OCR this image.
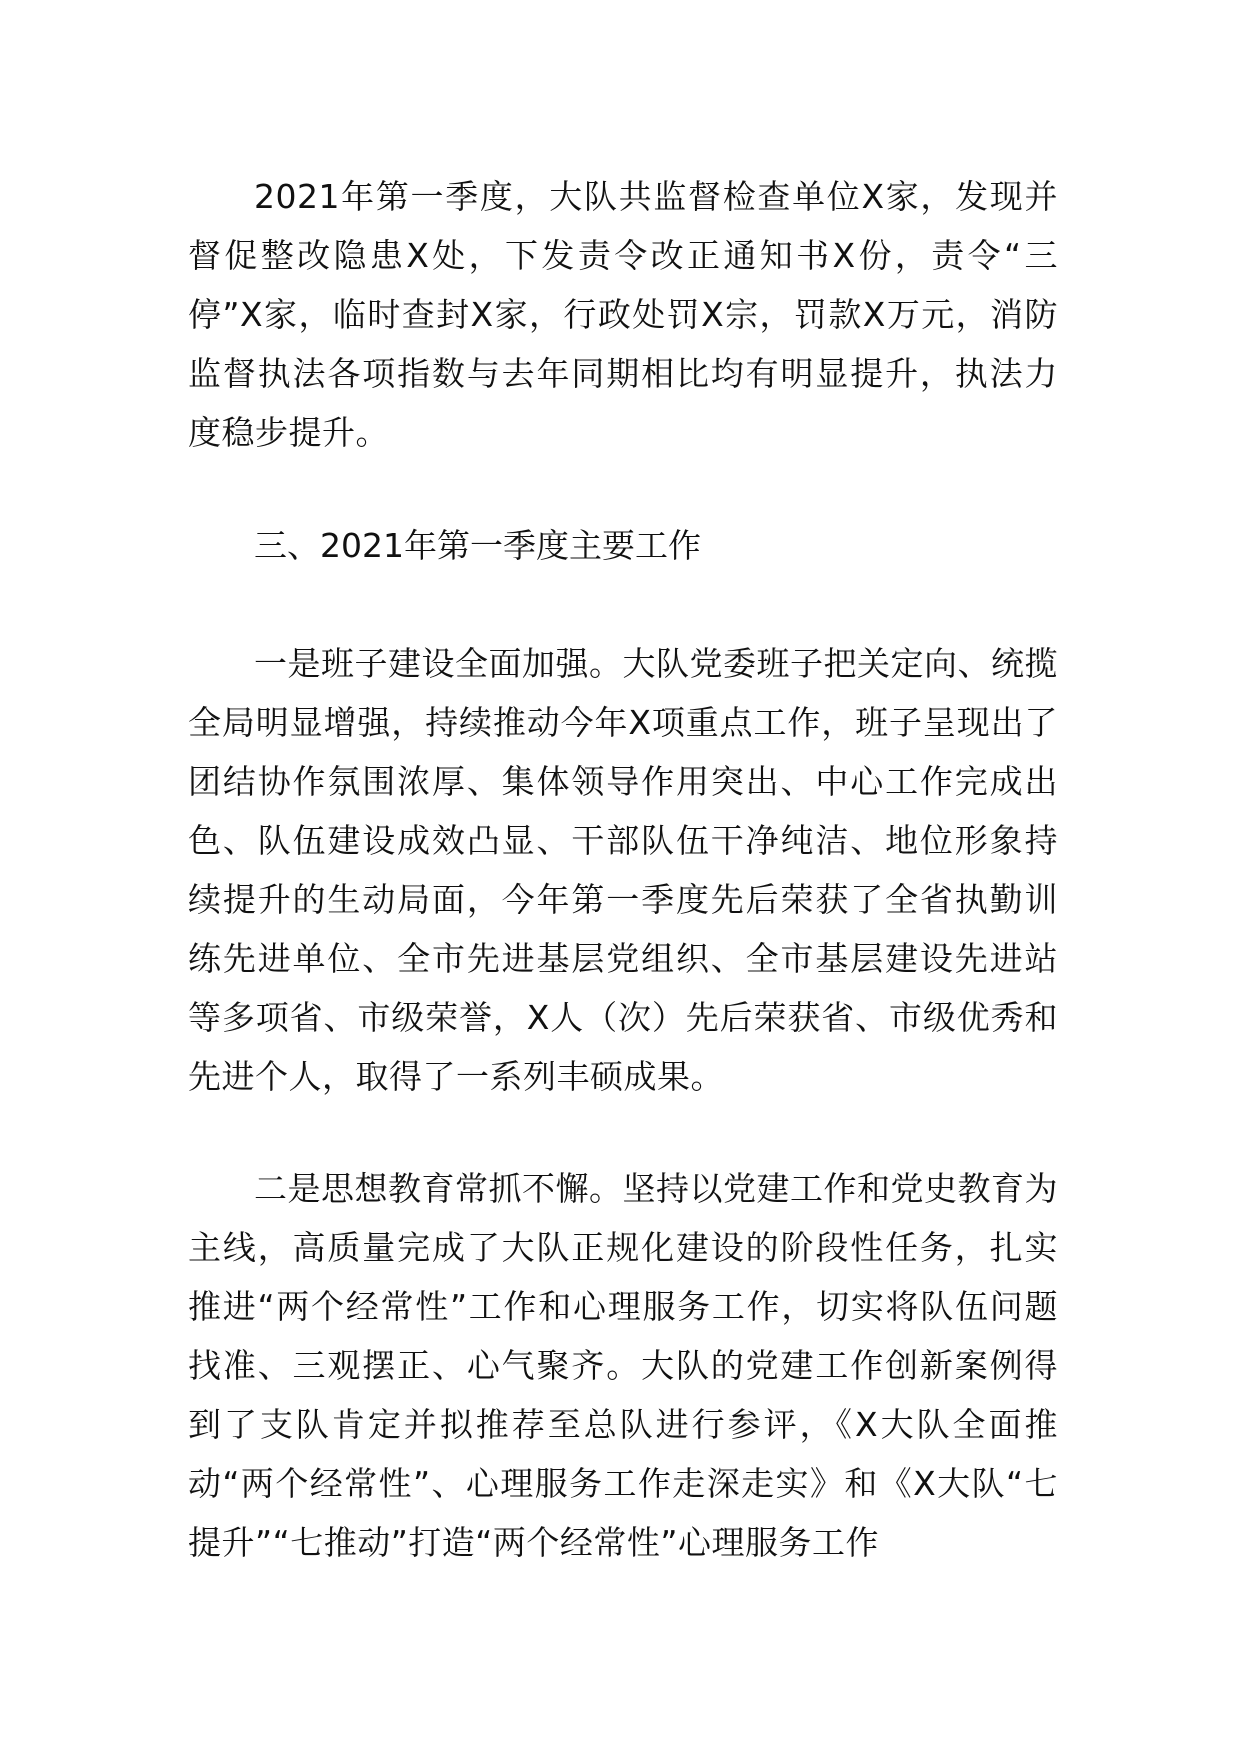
2021年第一季度，大队共监督检查单位X家，发现并督促整改隐患X处，下发责令改正通知书X份，责令“三停”X家，临时查封X家，行政处罚X宗，罚款X万元，消防监督执法各项指数与去年同期相比均有明显提升，执法力度稳步提升。
三、2021年第一季度主要工作
一是班子建设全面加强。大队党委班子把关定向、统揽全局明显增强，持续推动今年X项重点工作，班子呈现出了团结协作氛围浓厚、集体领导作用突出、中心工作完成出色、队伍建设成效凸显、干部队伍干净纯洁、地位形象持续提升的生动局面，今年第一季度先后荣获了全省执勤训练先进单位、全市先进基层党组织、全市基层建设先进站等多项省、市级荣誉，X人（次）先后荣获省、市级优秀和先进个人，取得了一系列丰硕成果。
二是思想教育常抓不懈。坚持以党建工作和党史教育为主线，高质量完成了大队正规化建设的阶段性任务，扎实推进“两个经常性”工作和心理服务工作，切实将队伍问题找准、三观摆正、心气聚齐。大队的党建工作创新案例得到了支队肯定并拟推荐至总队进行参评，《X大队全面推动“两个经常性”、心理服务工作走深走实》和《X大队“七提升”“七推动”打造“两个经常性”心理服务工作
